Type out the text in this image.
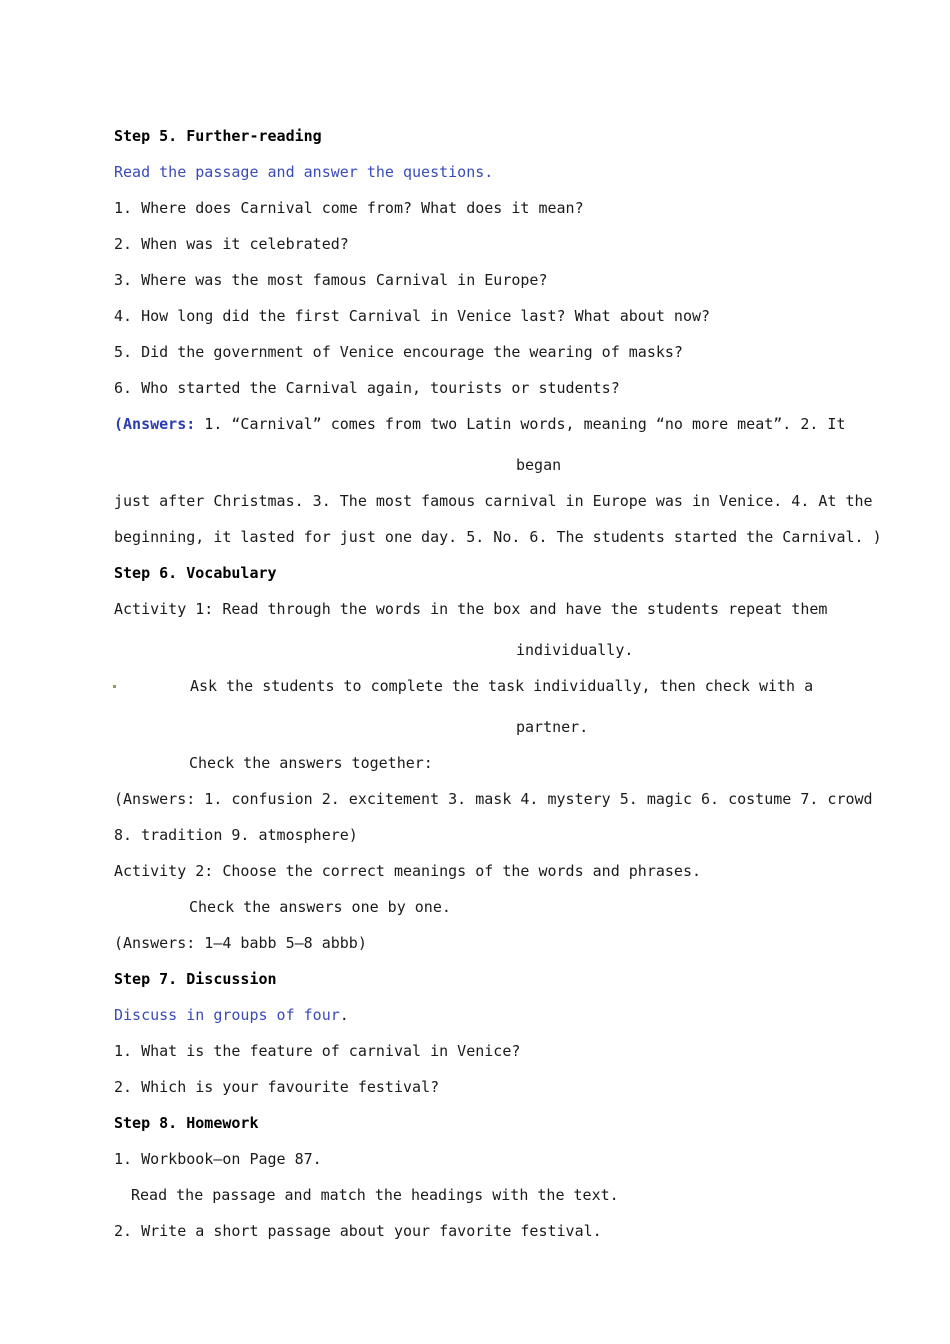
Step 5. Further-reading
Read the passage and answer the questions.
1. Where does Carnival come from? What does it mean?
2. When was it celebrated?
3. Where was the most famous Carnival in Europe?
4. How long did the first Carnival in Venice last? What about now?
5. Did the government of Venice encourage the wearing of masks?
6. Who started the Carnival again, tourists or students?
(Answers: 1. “Carnival” comes from two Latin words, meaning “no more meat”. 2. It
began
just after Christmas. 3. The most famous carnival in Europe was in Venice. 4. At the
beginning, it lasted for just one day. 5. No. 6. The students started the Carnival. )
Step 6. Vocabulary
Activity 1: Read through the words in the box and have the students repeat them
individually.
Ask the students to complete the task individually, then check with a
partner.
Check the answers together:
(Answers: 1. confusion 2. excitement 3. mask 4. mystery 5. magic 6. costume 7. crowd
8. tradition 9. atmosphere)
Activity 2: Choose the correct meanings of the words and phrases.
Check the answers one by one.
(Answers: 1—4 babb 5—8 abbb)
Step 7. Discussion
Discuss in groups of four.
1. What is the feature of carnival in Venice?
2. Which is your favourite festival?
Step 8. Homework
1. Workbook—on Page 87.
Read the passage and match the headings with the text.
2. Write a short passage about your favorite festival.
